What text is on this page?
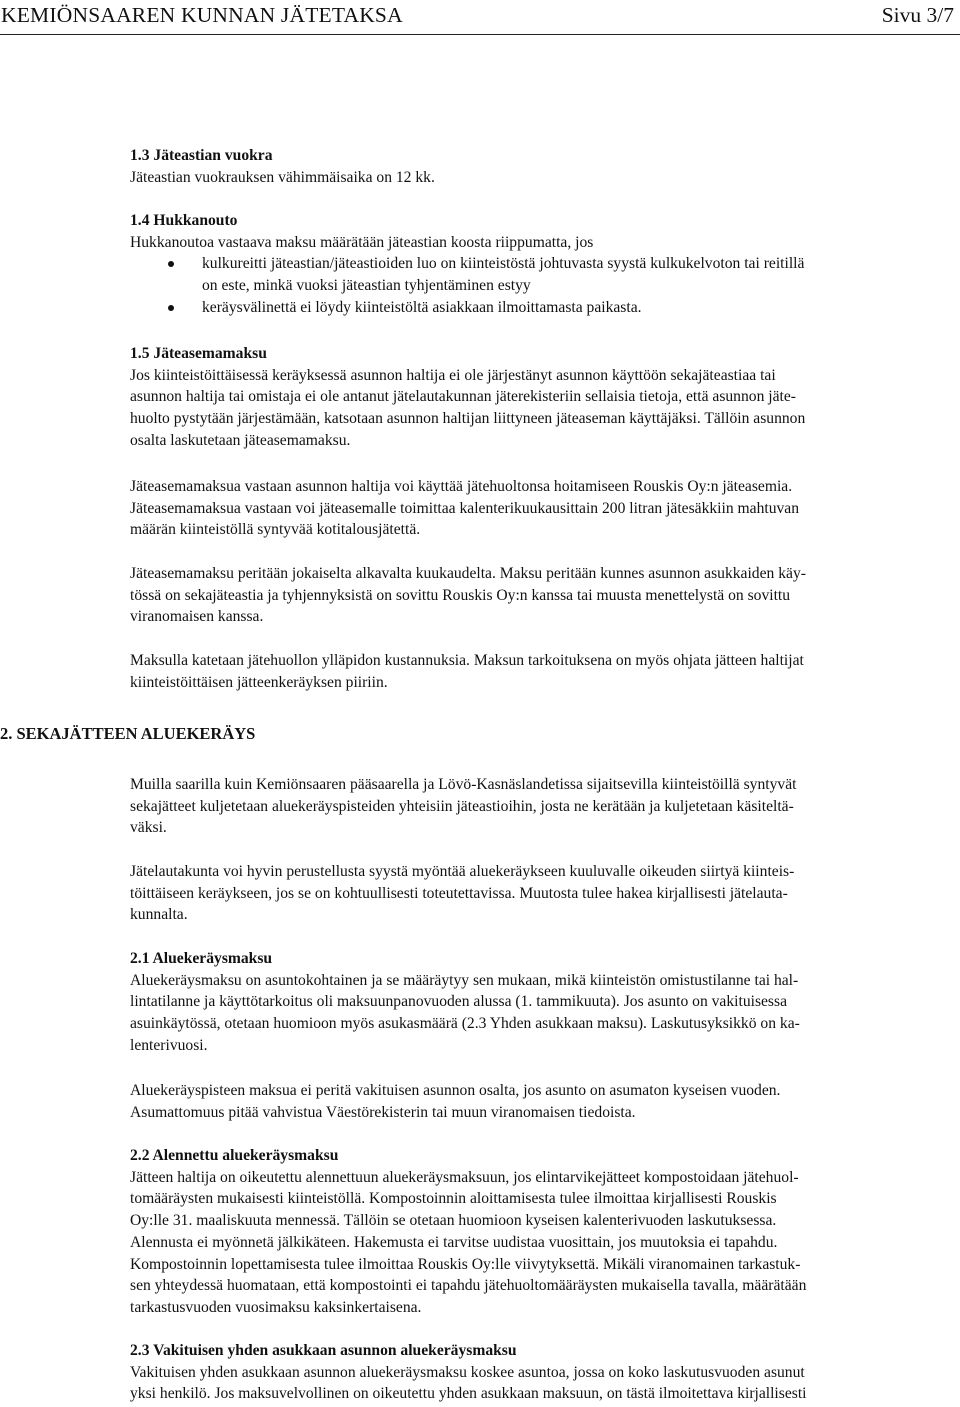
KEMIÖNSAAREN KUNNAN JÄTETAKSA	Sivu 3/7

1.3 Jäteastian vuokra

Jäteastian vuokrauksen vähimmäisaika on 12 kk.

1.4 Hukkanouto

Hukkanoutoa vastaava maksu määrätään jäteastian koosta riippumatta, jos

kulkureitti jäteastian/jäteastioiden luo on kiinteistöstä johtuvasta syystä kulkukelvoton tai reitillä
on este, minkä vuoksi jäteastian tyhjentäminen estyy
keräysvälinettä ei löydy kiinteistöltä asiakkaan ilmoittamasta paikasta.

1.5 Jäteasemamaksu

Jos kiinteistöittäisessä keräyksessä asunnon haltija ei ole järjestänyt asunnon käyttöön sekajäteastiaa tai
asunnon haltija tai omistaja ei ole antanut jätelautakunnan jäterekisteriin sellaisia tietoja, että asunnon jäte-
huolto pystytään järjestämään, katsotaan asunnon haltijan liittyneen jäteaseman käyttäjäksi. Tällöin asunnon
osalta laskutetaan jäteasemamaksu.

Jäteasemamaksua vastaan asunnon haltija voi käyttää jätehuoltonsa hoitamiseen Rouskis Oy:n jäteasemia.
Jäteasemamaksua vastaan voi jäteasemalle toimittaa kalenterikuukausittain 200 litran jätesäkkiin mahtuvan
määrän kiinteistöllä syntyvää kotitalousjätettä.

Jäteasemamaksu peritään jokaiselta alkavalta kuukaudelta. Maksu peritään kunnes asunnon asukkaiden käy-
tössä on sekajäteastia ja tyhjennyksistä on sovittu Rouskis Oy:n kanssa tai muusta menettelystä on sovittu
viranomaisen kanssa.

Maksulla katetaan jätehuollon ylläpidon kustannuksia. Maksun tarkoituksena on myös ohjata jätteen haltijat
kiinteistöittäisen jätteenkeräyksen piiriin.

2. SEKAJÄTTEEN ALUEKERÄYS

Muilla saarilla kuin Kemiönsaaren pääsaarella ja Lövö-Kasnäslandetissa sijaitsevilla kiinteistöillä syntyvät
sekajätteet kuljetetaan aluekeräyspisteiden yhteisiin jäteastioihin, josta ne kerätään ja kuljetetaan käsiteltä-
väksi.

Jätelautakunta voi hyvin perustellusta syystä myöntää aluekeräykseen kuuluvalle oikeuden siirtyä kiinteis-
töittäiseen keräykseen, jos se on kohtuullisesti toteutettavissa. Muutosta tulee hakea kirjallisesti jätelauta-
kunnalta.

2.1 Aluekeräysmaksu

Aluekeräysmaksu on asuntokohtainen ja se määräytyy sen mukaan, mikä kiinteistön omistustilanne tai hal-
lintatilanne ja käyttötarkoitus oli maksuunpanovuoden alussa (1. tammikuuta). Jos asunto on vakituisessa
asuinkäytössä, otetaan huomioon myös asukasmäärä (2.3 Yhden asukkaan maksu). Laskutusyksikkö on ka-
lenterivuosi.

Aluekeräyspisteen maksua ei peritä vakituisen asunnon osalta, jos asunto on asumaton kyseisen vuoden.
Asumattomuus pitää vahvistua Väestörekisterin tai muun viranomaisen tiedoista.

2.2 Alennettu aluekeräysmaksu

Jätteen haltija on oikeutettu alennettuun aluekeräysmaksuun, jos elintarvikejätteet kompostoidaan jätehuol-
tomääräysten mukaisesti kiinteistöllä. Kompostoinnin aloittamisesta tulee ilmoittaa kirjallisesti Rouskis
Oy:lle 31. maaliskuuta mennessä. Tällöin se otetaan huomioon kyseisen kalenterivuoden laskutuksessa.
Alennusta ei myönnetä jälkikäteen. Hakemusta ei tarvitse uudistaa vuosittain, jos muutoksia ei tapahdu.
Kompostoinnin lopettamisesta tulee ilmoittaa Rouskis Oy:lle viivytyksettä. Mikäli viranomainen tarkastuk-
sen yhteydessä huomataan, että kompostointi ei tapahdu jätehuoltomääräysten mukaisella tavalla, määrätään
tarkastusvuoden vuosimaksu kaksinkertaisena.

2.3 Vakituisen yhden asukkaan asunnon aluekeräysmaksu

Vakituisen yhden asukkaan asunnon aluekeräysmaksu koskee asuntoa, jossa on koko laskutusvuoden asunut
yksi henkilö. Jos maksuvelvollinen on oikeutettu yhden asukkaan maksuun, on tästä ilmoitettava kirjallisesti
